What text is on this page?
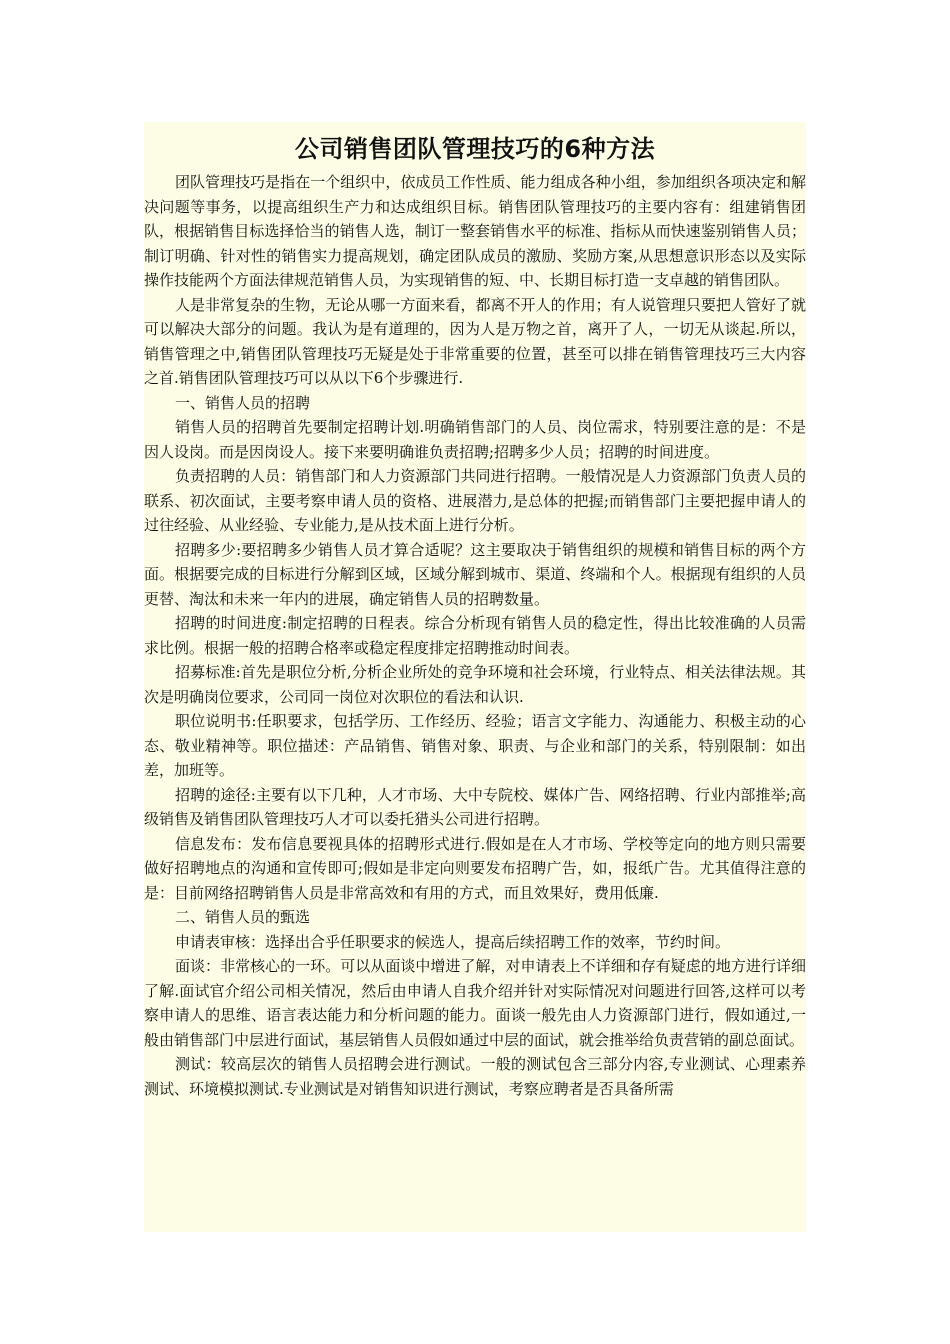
公司销售团队管理技巧的6种方法

团队管理技巧是指在一个组织中，依成员工作性质、能力组成各种小组，参加组织各项决定和解决问题等事务，以提高组织生产力和达成组织目标。销售团队管理技巧的主要内容有：组建销售团队，根据销售目标选择恰当的销售人选，制订一整套销售水平的标准、指标从而快速鉴别销售人员；制订明确、针对性的销售实力提高规划，确定团队成员的激励、奖励方案,从思想意识形态以及实际操作技能两个方面法律规范销售人员，为实现销售的短、中、长期目标打造一支卓越的销售团队。

人是非常复杂的生物，无论从哪一方面来看，都离不开人的作用；有人说管理只要把人管好了就可以解决大部分的问题。我认为是有道理的，因为人是万物之首，离开了人，一切无从谈起.所以，销售管理之中,销售团队管理技巧无疑是处于非常重要的位置，甚至可以排在销售管理技巧三大内容之首.销售团队管理技巧可以从以下6个步骤进行.

一、销售人员的招聘

销售人员的招聘首先要制定招聘计划.明确销售部门的人员、岗位需求，特别要注意的是：不是因人设岗。而是因岗设人。接下来要明确谁负责招聘;招聘多少人员；招聘的时间进度。

负责招聘的人员：销售部门和人力资源部门共同进行招聘。一般情况是人力资源部门负责人员的联系、初次面试，主要考察申请人员的资格、进展潜力,是总体的把握;而销售部门主要把握申请人的过往经验、从业经验、专业能力,是从技术面上进行分析。

招聘多少:要招聘多少销售人员才算合适呢？这主要取决于销售组织的规模和销售目标的两个方面。根据要完成的目标进行分解到区域，区域分解到城市、渠道、终端和个人。根据现有组织的人员更替、淘汰和未来一年内的进展，确定销售人员的招聘数量。

招聘的时间进度:制定招聘的日程表。综合分析现有销售人员的稳定性，得出比较准确的人员需求比例。根据一般的招聘合格率或稳定程度排定招聘推动时间表。

招募标准:首先是职位分析,分析企业所处的竞争环境和社会环境，行业特点、相关法律法规。其次是明确岗位要求，公司同一岗位对次职位的看法和认识.

职位说明书:任职要求，包括学历、工作经历、经验；语言文字能力、沟通能力、积极主动的心态、敬业精神等。职位描述：产品销售、销售对象、职责、与企业和部门的关系，特别限制：如出差，加班等。

招聘的途径:主要有以下几种，人才市场、大中专院校、媒体广告、网络招聘、行业内部推举;高级销售及销售团队管理技巧人才可以委托猎头公司进行招聘。

信息发布：发布信息要视具体的招聘形式进行.假如是在人才市场、学校等定向的地方则只需要做好招聘地点的沟通和宣传即可;假如是非定向则要发布招聘广告，如，报纸广告。尤其值得注意的是：目前网络招聘销售人员是非常高效和有用的方式，而且效果好，费用低廉.

二、销售人员的甄选

申请表审核：选择出合乎任职要求的候选人，提高后续招聘工作的效率，节约时间。

面谈：非常核心的一环。可以从面谈中增进了解，对申请表上不详细和存有疑虑的地方进行详细了解.面试官介绍公司相关情况，然后由申请人自我介绍并针对实际情况对问题进行回答,这样可以考察申请人的思维、语言表达能力和分析问题的能力。面谈一般先由人力资源部门进行，假如通过,一般由销售部门中层进行面试，基层销售人员假如通过中层的面试，就会推举给负责营销的副总面试。

测试：较高层次的销售人员招聘会进行测试。一般的测试包含三部分内容,专业测试、心理素养测试、环境模拟测试.专业测试是对销售知识进行测试，考察应聘者是否具备所需
